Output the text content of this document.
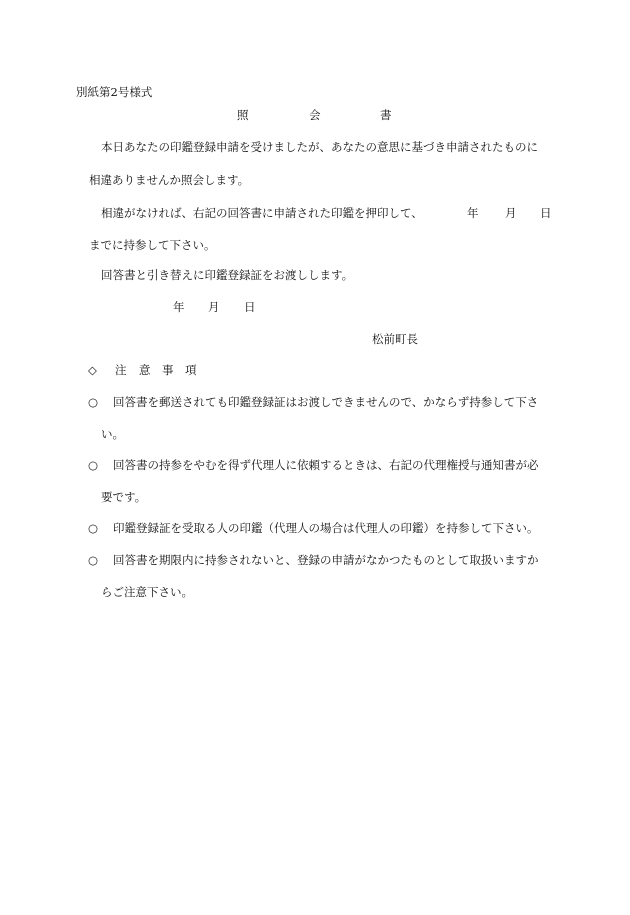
別紙第2号様式
照	会	書
本日あなたの印鑑登録申請を受けましたが、あなたの意思に基づき申請されたものに
相違ありませんか照会します。
相違がなければ、右記の回答書に申請された印鑑を押印して、	年 月 日
までに持参して下さい。
回答書と引き替えに印鑑登録証をお渡しします。
年 月 日
松前町長
◇ 注 意 事 項
○ 回答書を郵送されても印鑑登録証はお渡しできませんので、かならず持参して下さ
い。
○ 回答書の持参をやむを得ず代理人に依頼するときは、右記の代理権授与通知書が必
要です。
○ 印鑑登録証を受取る人の印鑑（代理人の場合は代理人の印鑑）を持参して下さい。
○ 回答書を期限内に持参されないと、登録の申請がなかつたものとして取扱いますか
らご注意下さい。
